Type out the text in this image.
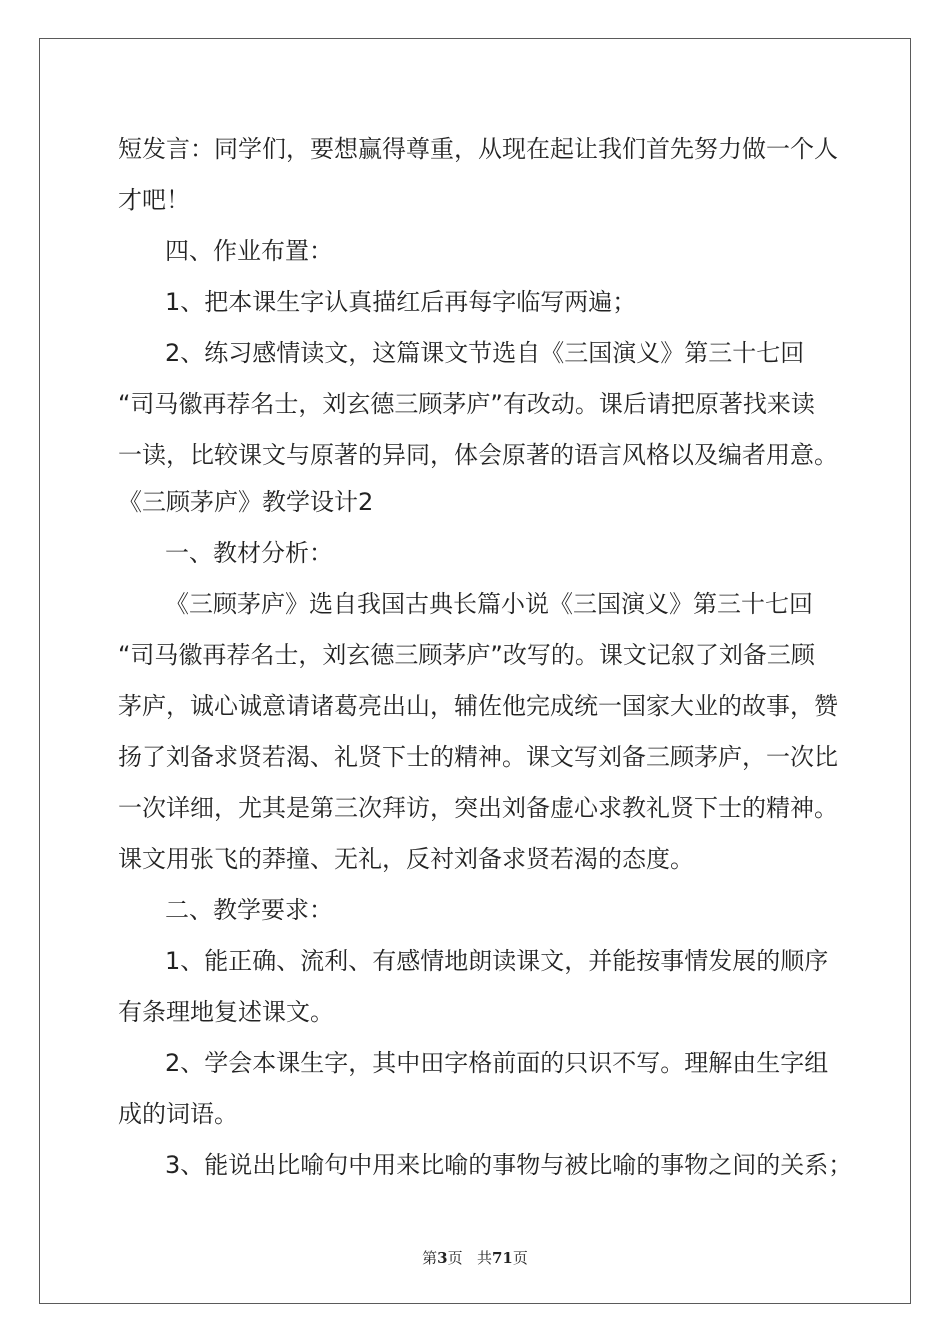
短发言：同学们，要想赢得尊重，从现在起让我们首先努力做一个人
才吧！
四、作业布置：
1、把本课生字认真描红后再每字临写两遍；
2、练习感情读文，这篇课文节选自《三国演义》第三十七回
“司马徽再荐名士，刘玄德三顾茅庐”有改动。课后请把原著找来读
一读，比较课文与原著的异同，体会原著的语言风格以及编者用意。
《三顾茅庐》教学设计2
一、教材分析：
《三顾茅庐》选自我国古典长篇小说《三国演义》第三十七回
“司马徽再荐名士，刘玄德三顾茅庐”改写的。课文记叙了刘备三顾
茅庐，诚心诚意请诸葛亮出山，辅佐他完成统一国家大业的故事，赞
扬了刘备求贤若渴、礼贤下士的精神。课文写刘备三顾茅庐，一次比
一次详细，尤其是第三次拜访，突出刘备虚心求教礼贤下士的精神。
课文用张飞的莽撞、无礼，反衬刘备求贤若渴的态度。
二、教学要求：
1、能正确、流利、有感情地朗读课文，并能按事情发展的顺序
有条理地复述课文。
2、学会本课生字，其中田字格前面的只识不写。理解由生字组
成的词语。
3、能说出比喻句中用来比喻的事物与被比喻的事物之间的关系；
第3页 共71页
